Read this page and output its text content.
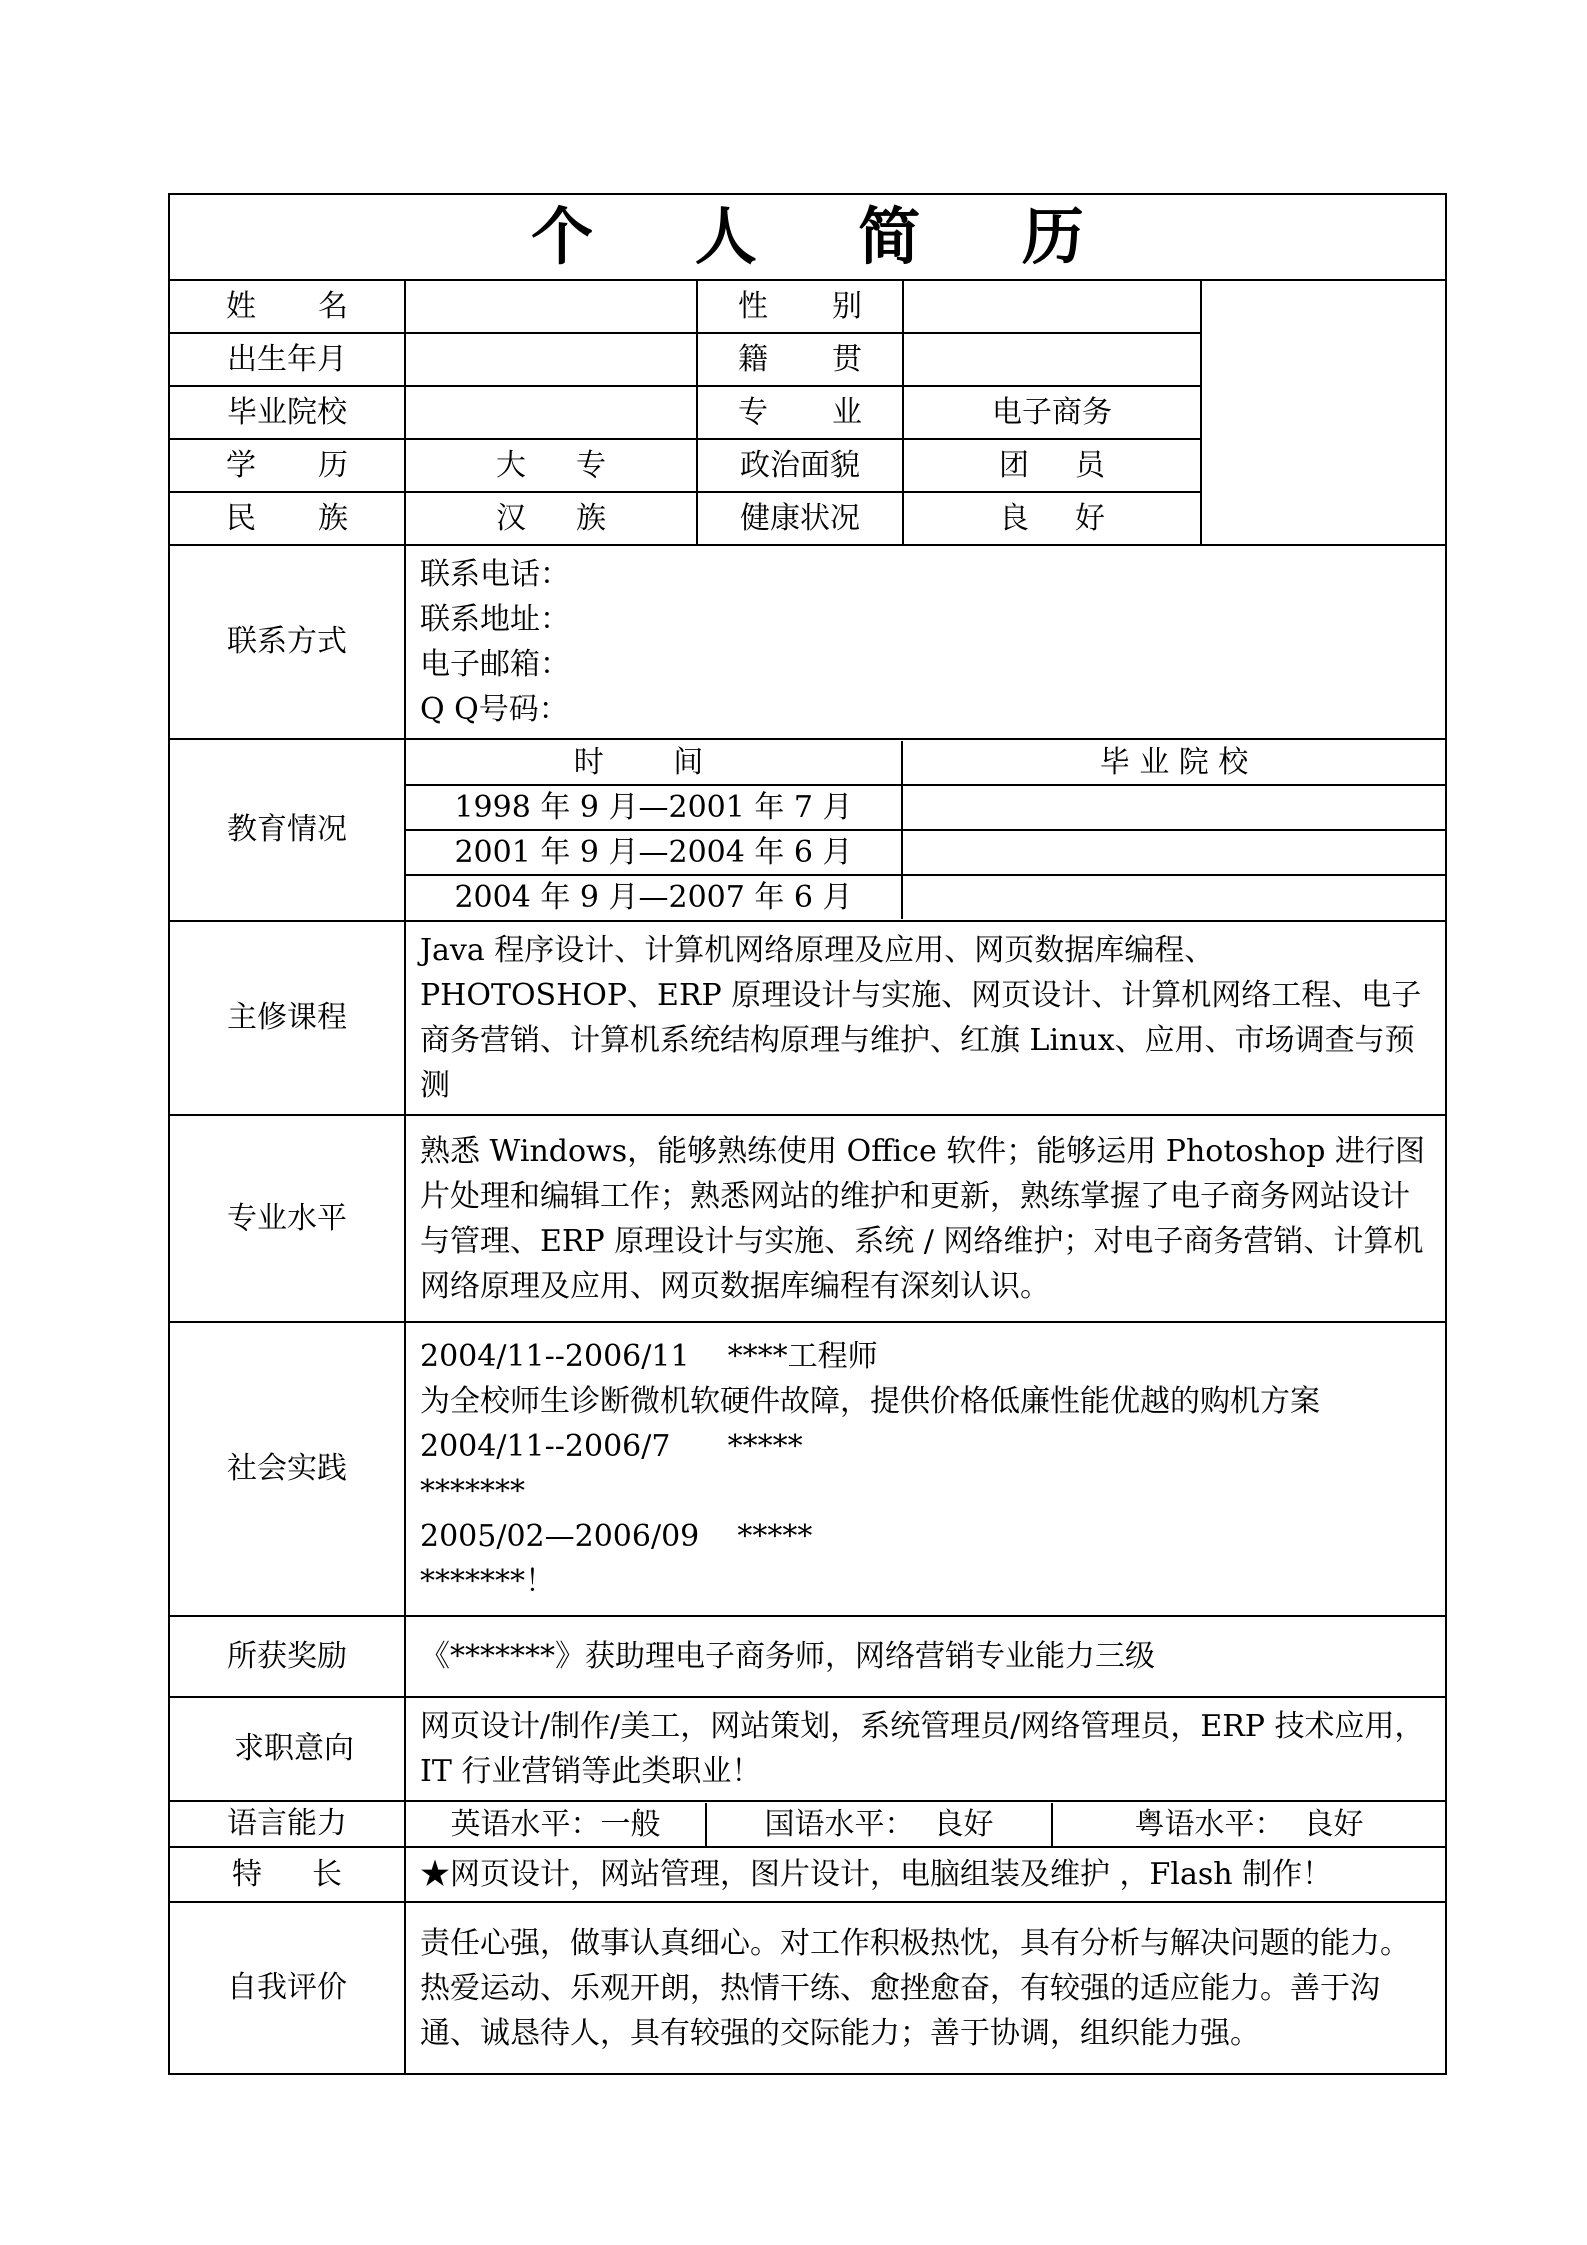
个 人 简 历
姓名		性别		
出生年月		籍贯	
毕业院校		专业	电子商务
学历	大专	政治面貌	团员
民族	汉族	健康状况	良好
联系方式	
联系电话：
联系地址：
电子邮箱：
Q Q号码：

教育情况	
时 间	毕 业 院 校
1998 年 9 月—2001 年 7 月	
2001 年 9 月—2004 年 6 月	
2004 年 9 月—2007 年 6 月	

主修课程	Java 程序设计、计算机网络原理及应用、网页数据库编程、PHOTOSHOP、ERP 原理设计与实施、网页设计、计算机网络工程、电子商务营销、计算机系统结构原理与维护、红旗 Linux、应用、市场调查与预测
专业水平	熟悉 Windows，能够熟练使用 Office 软件；能够运用 Photoshop 进行图片处理和编辑工作；熟悉网站的维护和更新，熟练掌握了电子商务网站设计与管理、ERP 原理设计与实施、系统 / 网络维护；对电子商务营销、计算机网络原理及应用、网页数据库编程有深刻认识。
社会实践	
2004/11--2006/11    ****工程师
为全校师生诊断微机软硬件故障，提供价格低廉性能优越的购机方案
2004/11--2006/7      *****
*******
2005/02—2006/09    *****
*******！

所获奖励	《*******》获助理电子商务师，网络营销专业能力三级
求职意向	网页设计/制作/美工，网站策划，系统管理员/网络管理员，ERP 技术应用，IT 行业营销等此类职业！
语言能力		英语水平：一般	国语水平：  良好	粤语水平：  良好

特长	★网页设计，网站管理，图片设计，电脑组装及维护 ，Flash 制作！
自我评价	责任心强，做事认真细心。对工作积极热忱，具有分析与解决问题的能力。热爱运动、乐观开朗，热情干练、愈挫愈奋，有较强的适应能力。善于沟通、诚恳待人，具有较强的交际能力；善于协调，组织能力强。
